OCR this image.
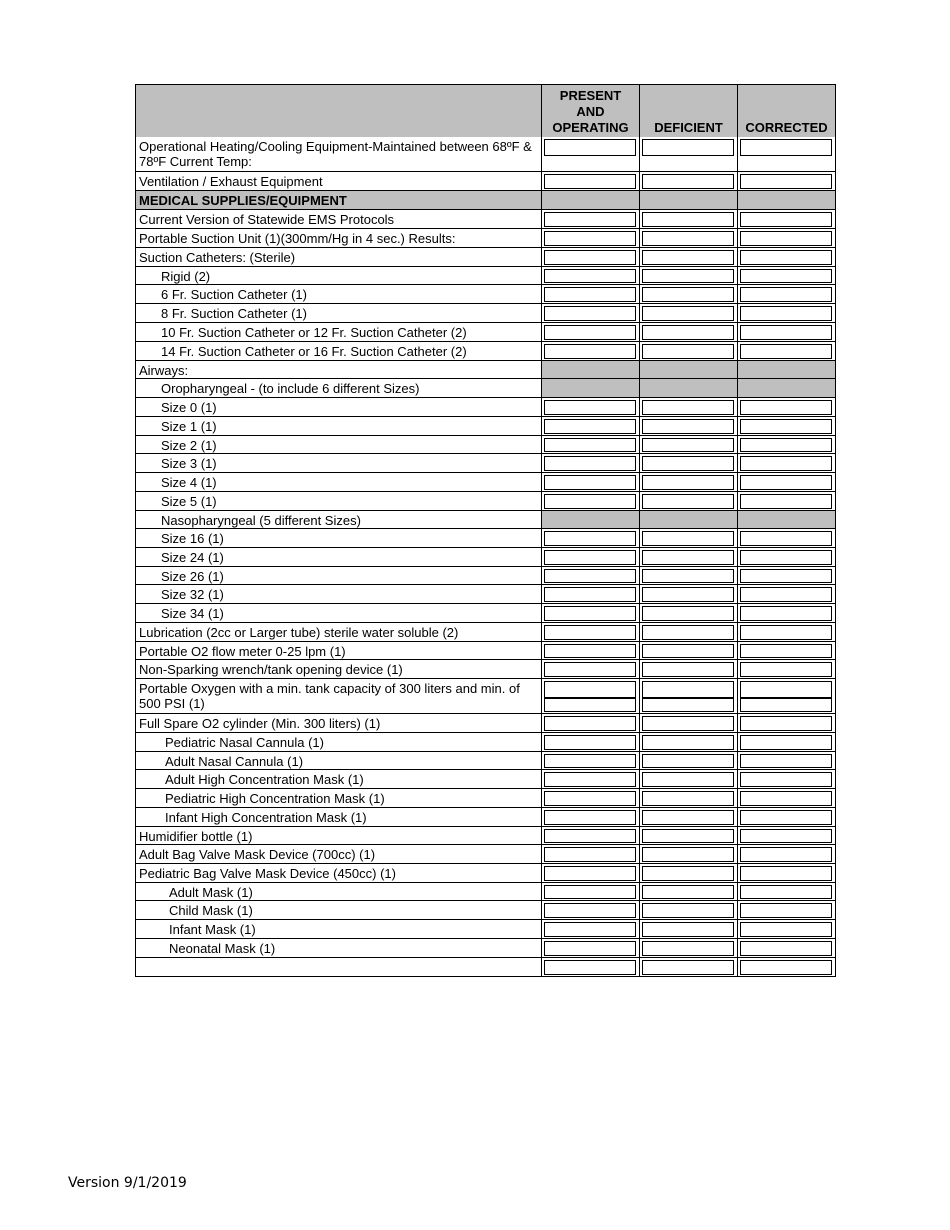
PRESENT AND OPERATING	DEFICIENT	CORRECTED
Operational Heating/Cooling Equipment-Maintained between 68ºF & 78ºF Current Temp:
Ventilation / Exhaust Equipment
MEDICAL SUPPLIES/EQUIPMENT
Current Version of Statewide EMS Protocols
Portable Suction Unit (1)(300mm/Hg in 4 sec.) Results:
Suction Catheters: (Sterile)
Rigid (2)
6 Fr. Suction Catheter (1)
8 Fr. Suction Catheter (1)
10 Fr. Suction Catheter or 12 Fr. Suction Catheter (2)
14 Fr. Suction Catheter or 16 Fr. Suction Catheter (2)
Airways:
Oropharyngeal - (to include 6 different Sizes)
Size 0 (1)
Size 1 (1)
Size 2 (1)
Size 3 (1)
Size 4 (1)
Size 5 (1)
Nasopharyngeal (5 different Sizes)
Size 16 (1)
Size 24 (1)
Size 26 (1)
Size 32 (1)
Size 34 (1)
Lubrication (2cc or Larger tube) sterile water soluble (2)
Portable O2 flow meter 0-25 lpm (1)
Non-Sparking wrench/tank opening device (1)
Portable Oxygen with a min. tank capacity of 300 liters and min. of 500 PSI (1)
Full Spare O2 cylinder (Min. 300 liters) (1)
Pediatric Nasal Cannula (1)
Adult Nasal Cannula (1)
Adult High Concentration Mask (1)
Pediatric High Concentration Mask (1)
Infant High Concentration Mask (1)
Humidifier bottle (1)
Adult Bag Valve Mask Device (700cc) (1)
Pediatric Bag Valve Mask Device (450cc) (1)
Adult Mask (1)
Child Mask (1)
Infant Mask (1)
Neonatal Mask (1)
Version 9/1/2019
